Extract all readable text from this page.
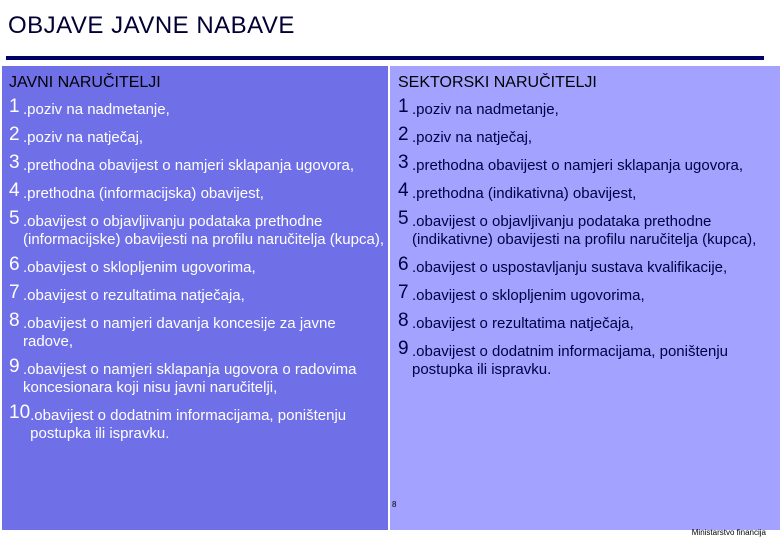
OBJAVE JAVNE NABAVE
JAVNI NARUČITELJI
1 .poziv na nadmetanje,
2 .poziv na natječaj,
3 .prethodna obavijest o namjeri sklapanja ugovora,
4 .prethodna (informacijska) obavijest,
5 .obavijest o objavljivanju podataka prethodne (informacijske) obavijesti na profilu naručitelja (kupca),
6 .obavijest o sklopljenim ugovorima,
7 .obavijest o rezultatima natječaja,
8 .obavijest o namjeri davanja koncesije za javne radove,
9 .obavijest o namjeri sklapanja ugovora o radovima koncesionara koji nisu javni naručitelji,
10 .obavijest o dodatnim informacijama, poništenju postupka ili ispravku.
SEKTORSKI NARUČITELJI
1 .poziv na nadmetanje,
2 .poziv na natječaj,
3 .prethodna obavijest o namjeri sklapanja ugovora,
4 .prethodna (indikativna) obavijest,
5 .obavijest o objavljivanju podataka prethodne (indikativne) obavijesti na profilu naručitelja (kupca),
6 .obavijest o uspostavljanju sustava kvalifikacije,
7 .obavijest o sklopljenim ugovorima,
8 .obavijest o rezultatima natječaja,
9 .obavijest o dodatnim informacijama, poništenju postupka ili ispravku.
8
Ministarstvo financija
